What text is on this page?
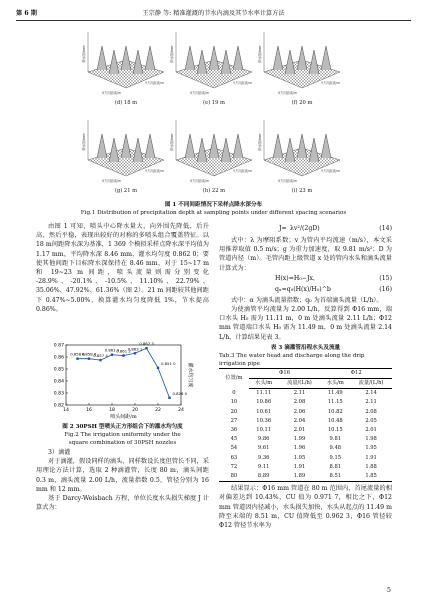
第 6 期	王宗静 等: 精准灌溉的节水内滴及其节水率计算方法
降水量/mm
X方向距离/m
Y方向距离/m
(d) 18 m
降水量/mm
X方向距离/m
Y方向距离/m
(e) 19 m
降水量/mm
X方向距离/m
Y方向距离/m
(f) 20 m
降水量/mm
X方向距离/m
Y方向距离/m
(g) 21 m
降水量/mm
X方向距离/m
Y方向距离/m
(h) 22 m
降水量/mm
X方向距离/m
Y方向距离/m
(i) 23 m
图 1 不同间距情况下采样点降水深分布
Fig.1 Distribution of precipitation depth at sampling points under different spacing scenarios

由图 1 可知，喷头中心降水量大，向外围先降低、后升高、然后平稳，表现出较好的对称的多喷头组合覆盖特征。以 18 m间距降水深为基准，1 369 个模拟采样点降水深平均值为 1.17 mm，平均降水深 8.46 mm，灌水均匀度 0.862 0；要使其他间距下目标降水深保持在 8.46 mm，对于 15~17 m 和 19~23 m 间距，喷头流量则需分别变化 -28.9%、-20.1%、-10.5%、11.10%、22.79%、35.06%、47.92%、61.36%（图 2）。21 m 间距较其他间距下 0.47%~5.00%，换算灌水均匀度降低 1%，节水提高 0.86%。

0.82
0.83
0.84
0.85
0.86
0.87
14	16	18	20	22	24
喷头间距/m
灌水均匀度
0.858 6
0.858 6
0.857 4
0.861 9
0.861 2
0.863 1
0.867 3
0.851 0
0.826 0
图 2 30PSH 型喷头正方形组合下的灌水均匀度
Fig.2 The irrigation uniformity under the
square combination of 30PSH nozzles
3）滴灌

对于滴灌，假设同样的滴头、同样数设长度但管长不同，采用理论方法计算，选取 2 种滴灌管，长度 80 m，滴头间距 0.3 m，滴头流量 2.00 L/h，流量指数 0.5，管径分别为 16 mm 和 12 mm。

基于 Darcy-Weisbach 方程，单位长度水头损失梯度 J 计算式为：

J= λv²/(2gD)	(14)

式中：λ 为摩阻系数；v 为管内平均流速（m/s），本文采用推荐取值 0.5 m/s；g 为重力加速度，取 9.81 m/s²；D 为管道内径（m）。毛管内距上级管道 x 处的管内水头和滴头流量计算式为：

H(x)=H₀−Jx，	(15)
qₓ=q₀(H(x)/H₀)^b	(16)

式中：α 为滴头流量指数；q₀ 为首端滴头流量（L/h）。

为使滴管平均流量为 2.00 L/h，反算得到 Φ16 mm，端口水头 H₀ 需为 11.11 m，0 m 处滴头流量 2.11 L/h；Φ12 mm 管道端口水头 H₀ 需为 11.49 m，0 m 处滴头流量 2.14 L/h，计算结果见表 3。

表 3 滴灌管沿程水头及流量
Tab.3 The water head and discharge along the drip irrigation pipe
位置/m	Φ16		Φ12	
	水头/m	流量/(L/h)	水头/m	流量/(L/h)
0	11.11	2.11	11.49	2.14
10	10.86	2.08	11.15	2.11
20	10.61	2.06	10.82	2.08
27	10.36	2.04	10.48	2.05
36	10.11	2.01	10.15	2.01
45	9.86	1.99	9.81	1.98
54	9.61	1.96	9.48	1.95
63	9.36	1.95	9.15	1.91
72	9.11	1.91	8.81	1.88
80	8.89	1.89	8.51	1.85

结果显示：Φ16 mm 管道在 80 m 范围内，首尾流量的相对偏差达到 10.43%，CU 值为 0.971 7，相比之下，Φ12 mm 管道因内径减小，水头损失加快，水头从起点的 11.49 m 降至末端的 8.51 m，CU 值降低至 0.962 3，Φ16 管径较 Φ12 管径节水率为

5
